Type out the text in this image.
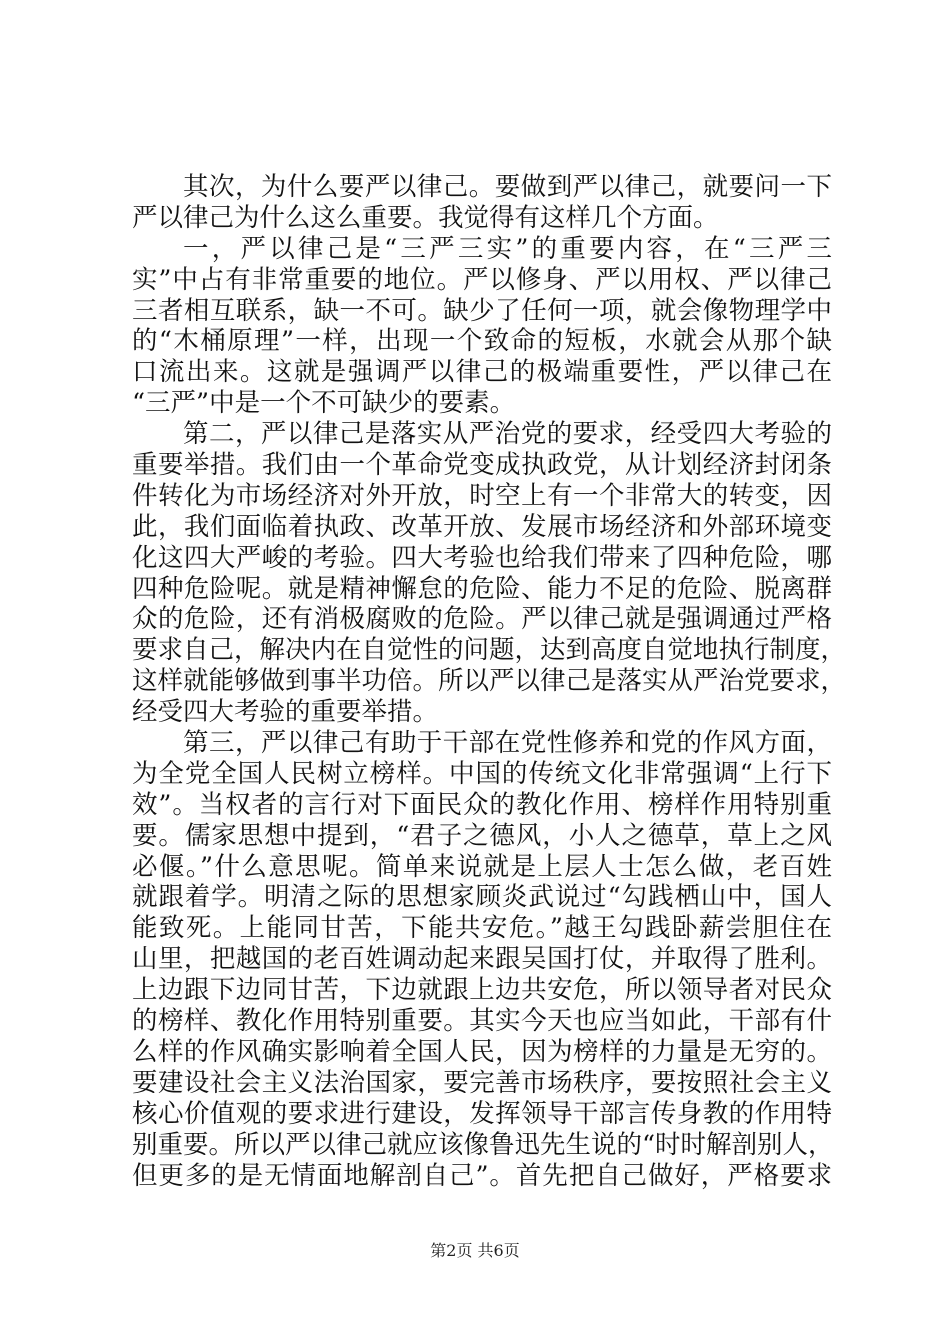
其次，为什么要严以律己。要做到严以律己，就要问一下
严以律己为什么这么重要。我觉得有这样几个方面。
一，严以律己是“三严三实”的重要内容，在“三严三
实”中占有非常重要的地位。严以修身、严以用权、严以律己
三者相互联系，缺一不可。缺少了任何一项，就会像物理学中
的“木桶原理”一样，出现一个致命的短板，水就会从那个缺
口流出来。这就是强调严以律己的极端重要性，严以律己在
“三严”中是一个不可缺少的要素。
第二，严以律己是落实从严治党的要求，经受四大考验的
重要举措。我们由一个革命党变成执政党，从计划经济封闭条
件转化为市场经济对外开放，时空上有一个非常大的转变，因
此，我们面临着执政、改革开放、发展市场经济和外部环境变
化这四大严峻的考验。四大考验也给我们带来了四种危险，哪
四种危险呢。就是精神懈怠的危险、能力不足的危险、脱离群
众的危险，还有消极腐败的危险。严以律己就是强调通过严格
要求自己，解决内在自觉性的问题，达到高度自觉地执行制度，
这样就能够做到事半功倍。所以严以律己是落实从严治党要求，
经受四大考验的重要举措。
第三，严以律己有助于干部在党性修养和党的作风方面，
为全党全国人民树立榜样。中国的传统文化非常强调“上行下
效”。当权者的言行对下面民众的教化作用、榜样作用特别重
要。儒家思想中提到，“君子之德风，小人之德草，草上之风
必偃。”什么意思呢。简单来说就是上层人士怎么做，老百姓
就跟着学。明清之际的思想家顾炎武说过“勾践栖山中，国人
能致死。上能同甘苦，下能共安危。”越王勾践卧薪尝胆住在
山里，把越国的老百姓调动起来跟吴国打仗，并取得了胜利。
上边跟下边同甘苦，下边就跟上边共安危，所以领导者对民众
的榜样、教化作用特别重要。其实今天也应当如此，干部有什
么样的作风确实影响着全国人民，因为榜样的力量是无穷的。
要建设社会主义法治国家，要完善市场秩序，要按照社会主义
核心价值观的要求进行建设，发挥领导干部言传身教的作用特
别重要。所以严以律己就应该像鲁迅先生说的“时时解剖别人，
但更多的是无情面地解剖自己”。首先把自己做好，严格要求
第2页 共6页
